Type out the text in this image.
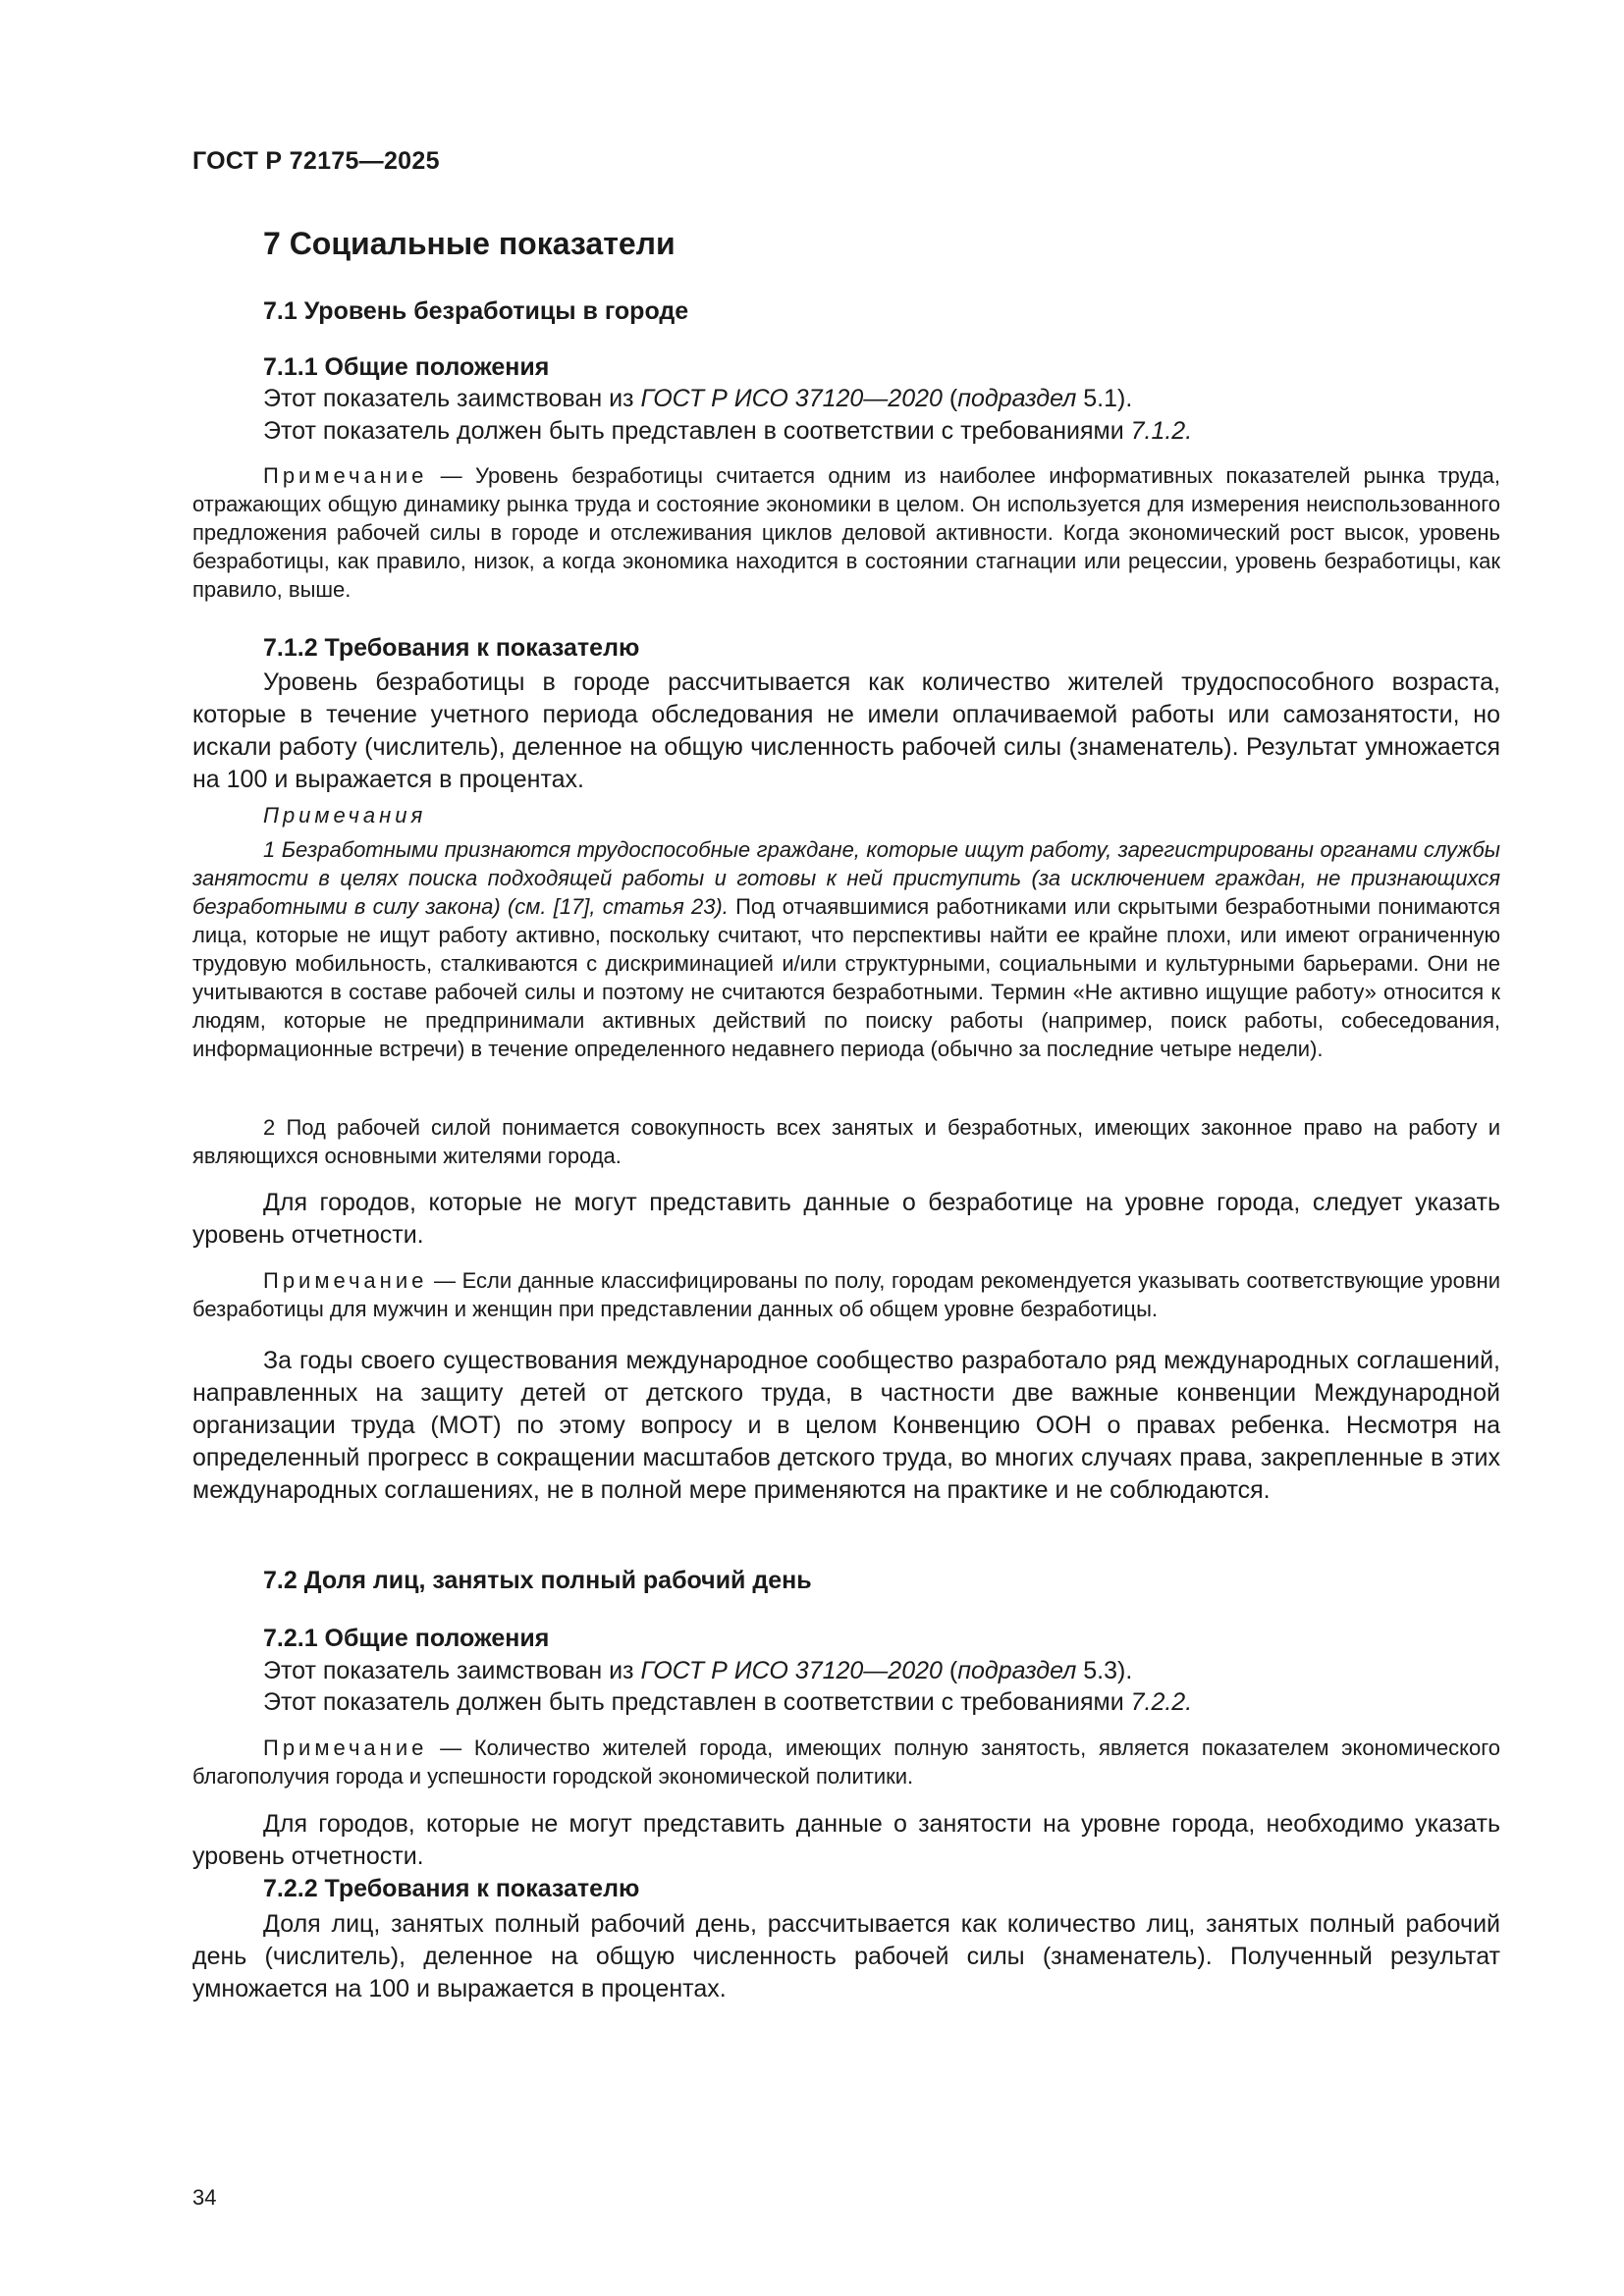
ГОСТ Р 72175—2025
7 Социальные показатели
7.1 Уровень безработицы в городе
7.1.1 Общие положения
Этот показатель заимствован из ГОСТ Р ИСО 37120—2020 (подраздел 5.1).
Этот показатель должен быть представлен в соответствии с требованиями 7.1.2.

Примечание — Уровень безработицы считается одним из наиболее информативных показателей рынка труда, отражающих общую динамику рынка труда и состояние экономики в целом. Он используется для измерения неиспользованного предложения рабочей силы в городе и отслеживания циклов деловой активности. Когда экономический рост высок, уровень безработицы, как правило, низок, а когда экономика находится в состоянии стагнации или рецессии, уровень безработицы, как правило, выше.

7.1.2 Требования к показателю

Уровень безработицы в городе рассчитывается как количество жителей трудоспособного возраста, которые в течение учетного периода обследования не имели оплачиваемой работы или самозанятости, но искали работу (числитель), деленное на общую численность рабочей силы (знаменатель). Результат умножается на 100 и выражается в процентах.

Примечания

1 Безработными признаются трудоспособные граждане, которые ищут работу, зарегистрированы органами службы занятости в целях поиска подходящей работы и готовы к ней приступить (за исключением граждан, не признающихся безработными в силу закона) (см. [17], статья 23). Под отчаявшимися работниками или скрытыми безработными понимаются лица, которые не ищут работу активно, поскольку считают, что перспективы найти ее крайне плохи, или имеют ограниченную трудовую мобильность, сталкиваются с дискриминацией и/или структурными, социальными и культурными барьерами. Они не учитываются в составе рабочей силы и поэтому не считаются безработными. Термин «Не активно ищущие работу» относится к людям, которые не предпринимали активных действий по поиску работы (например, поиск работы, собеседования, информационные встречи) в течение определенного недавнего периода (обычно за последние четыре недели).

2 Под рабочей силой понимается совокупность всех занятых и безработных, имеющих законное право на работу и являющихся основными жителями города.

Для городов, которые не могут представить данные о безработице на уровне города, следует указать уровень отчетности.

Примечание — Если данные классифицированы по полу, городам рекомендуется указывать соответствующие уровни безработицы для мужчин и женщин при представлении данных об общем уровне безработицы.

За годы своего существования международное сообщество разработало ряд международных соглашений, направленных на защиту детей от детского труда, в частности две важные конвенции Международной организации труда (МОТ) по этому вопросу и в целом Конвенцию ООН о правах ребенка. Несмотря на определенный прогресс в сокращении масштабов детского труда, во многих случаях права, закрепленные в этих международных соглашениях, не в полной мере применяются на практике и не соблюдаются.

7.2 Доля лиц, занятых полный рабочий день
7.2.1 Общие положения
Этот показатель заимствован из ГОСТ Р ИСО 37120—2020 (подраздел 5.3).
Этот показатель должен быть представлен в соответствии с требованиями 7.2.2.

Примечание — Количество жителей города, имеющих полную занятость, является показателем экономического благополучия города и успешности городской экономической политики.

Для городов, которые не могут представить данные о занятости на уровне города, необходимо указать уровень отчетности.

7.2.2 Требования к показателю

Доля лиц, занятых полный рабочий день, рассчитывается как количество лиц, занятых полный рабочий день (числитель), деленное на общую численность рабочей силы (знаменатель). Полученный результат умножается на 100 и выражается в процентах.

34
